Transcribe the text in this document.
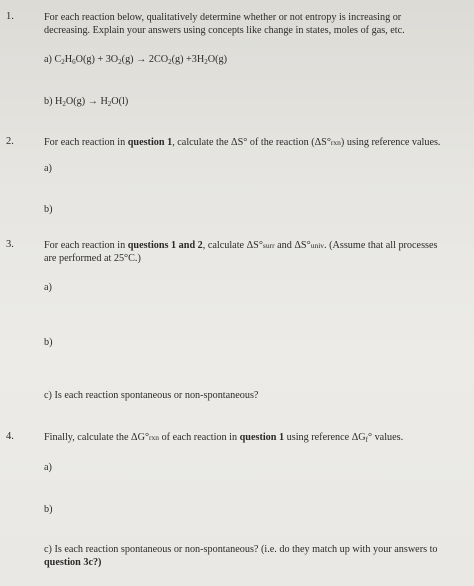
1.	For each reaction below, qualitatively determine whether or not entropy is increasing or
decreasing. Explain your answers using concepts like change in states, moles of gas, etc.
a) $C_2H_6O(g) + 3O_2(g) \to 2CO_2(g) +3H_2O(g)$
b) $H_2O(g) \to H_2O(l)$
2.	For each reaction in question 1, calculate the ΔS° of the reaction (ΔS°rxn) using reference values.
a)
b)
3.	For each reaction in questions 1 and 2, calculate ΔS°surr and ΔS°univ. (Assume that all processes
are performed at 25°C.)
a)
b)
c) Is each reaction spontaneous or non-spontaneous?
4.	Finally, calculate the ΔG°rxn of each reaction in question 1 using reference $\Delta G_f^\circ$ values.
a)
b)
c) Is each reaction spontaneous or non-spontaneous? (i.e. do they match up with your answers to
question 3c?)
